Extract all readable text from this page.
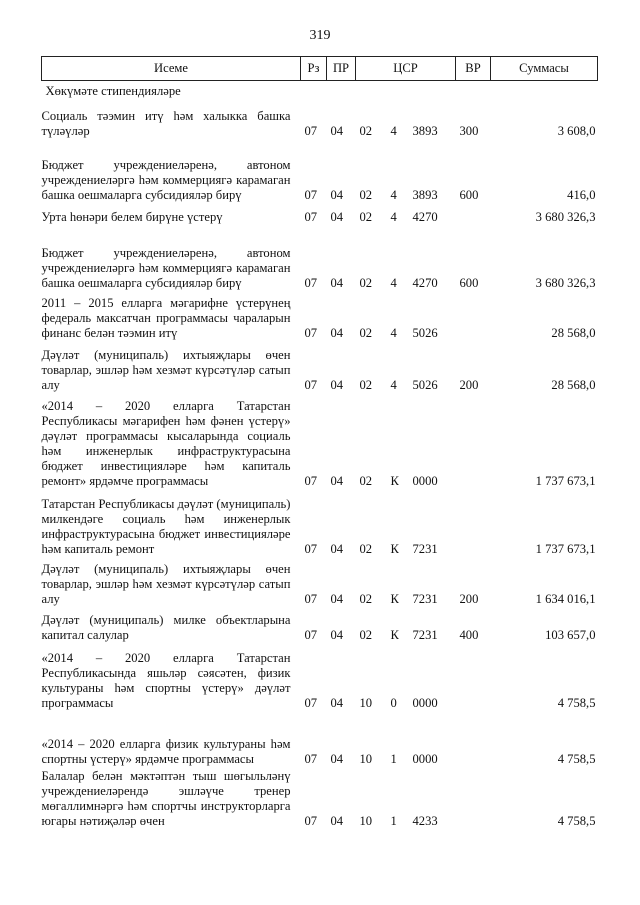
319
Исеме	Рз	ПР	ЦСР			ВР	Суммасы
Хөкүмәте стипендияләре							
Социаль тәэмин итү һәм халыкка башка түләүләр	07	04	02	4	3893	300	3 608,0
Бюджет учреждениеләренә, автоном учреждениеләргә һәм коммерциягә карамаган башка оешмаларга субсидияләр бирү	07	04	02	4	3893	600	416,0
Урта һөнәри белем бирүне үстерү	07	04	02	4	4270		3 680 326,3
Бюджет учреждениеләренә, автоном учреждениеләргә һәм коммерциягә карамаган башка оешмаларга субсидияләр бирү	07	04	02	4	4270	600	3 680 326,3
2011 – 2015 елларга мәгарифне үстерүнең федераль максатчан программасы чараларын финанс белән тәэмин итү	07	04	02	4	5026		28 568,0
Дәүләт (муниципаль) ихтыяҗлары өчен товарлар, эшләр һәм хезмәт күрсәтүләр сатып алу	07	04	02	4	5026	200	28 568,0
«2014 – 2020 елларга Татарстан Республикасы мәгарифен һәм фәнен үстерү» дәүләт программасы кысаларында социаль һәм инженерлык инфраструктурасына бюджет инвестицияләре һәм капиталь ремонт» ярдәмче программасы	07	04	02	К	0000		1 737 673,1
Татарстан Республикасы дәүләт (муниципаль) милкендәге социаль һәм инженерлык инфраструктурасына бюджет инвестицияләре һәм капиталь ремонт	07	04	02	К	7231		1 737 673,1
Дәүләт (муниципаль) ихтыяҗлары өчен товарлар, эшләр һәм хезмәт күрсәтүләр сатып алу	07	04	02	К	7231	200	1 634 016,1
Дәүләт (муниципаль) милке объектларына капитал салулар	07	04	02	К	7231	400	103 657,0
«2014 – 2020 елларга Татарстан Республикасында яшьләр сәясәтен, физик культураны һәм спортны үстерү» дәүләт программасы	07	04	10	0	0000		4 758,5
«2014 – 2020 елларга физик культураны һәм спортны үстерү» ярдәмче программасы	07	04	10	1	0000		4 758,5
Балалар белән мәктәптән тыш шөгыльләнү учреждениеләрендә эшләүче тренер мөгаллимнәргә һәм спортчы инструкторларга югары нәтиҗәләр өчен	07	04	10	1	4233		4 758,5
